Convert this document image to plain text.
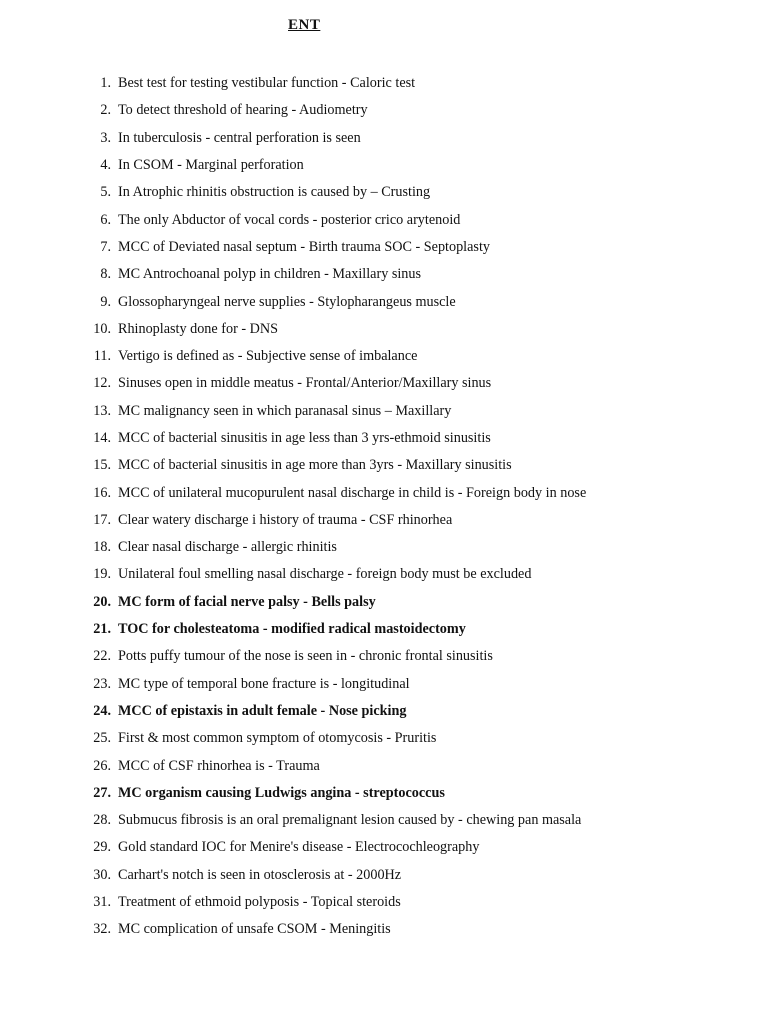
ENT
1. Best test for testing vestibular function - Caloric test
2. To detect threshold of hearing - Audiometry
3. In tuberculosis - central perforation is seen
4. In CSOM - Marginal perforation
5. In Atrophic rhinitis obstruction is caused by – Crusting
6. The only Abductor of vocal cords - posterior crico arytenoid
7. MCC of Deviated nasal septum - Birth trauma SOC - Septoplasty
8. MC Antrochoanal polyp in children - Maxillary sinus
9. Glossopharyngeal nerve supplies - Stylopharangeus muscle
10. Rhinoplasty done for - DNS
11. Vertigo is defined as - Subjective sense of imbalance
12. Sinuses open in middle meatus - Frontal/Anterior/Maxillary sinus
13. MC malignancy seen in which paranasal sinus – Maxillary
14. MCC of bacterial sinusitis in age less than 3 yrs-ethmoid sinusitis
15. MCC of bacterial sinusitis in age more than 3yrs - Maxillary sinusitis
16. MCC of unilateral mucopurulent nasal discharge in child is - Foreign body in nose
17. Clear watery discharge i history of trauma - CSF rhinorhea
18. Clear nasal discharge - allergic rhinitis
19. Unilateral foul smelling nasal discharge - foreign body must be excluded
20. MC form of facial nerve palsy - Bells palsy
21. TOC for cholesteatoma - modified radical mastoidectomy
22. Potts puffy tumour of the nose is seen in - chronic frontal sinusitis
23. MC type of temporal bone fracture is - longitudinal
24. MCC of epistaxis in adult female - Nose picking
25. First & most common symptom of otomycosis - Pruritis
26. MCC of CSF rhinorhea is - Trauma
27. MC organism causing Ludwigs angina - streptococcus
28. Submucus fibrosis is an oral premalignant lesion caused by - chewing pan masala
29. Gold standard IOC for Menire's disease - Electrocochleography
30. Carhart's notch is seen in otosclerosis at - 2000Hz
31. Treatment of ethmoid polyposis - Topical steroids
32. MC complication of unsafe CSOM - Meningitis
